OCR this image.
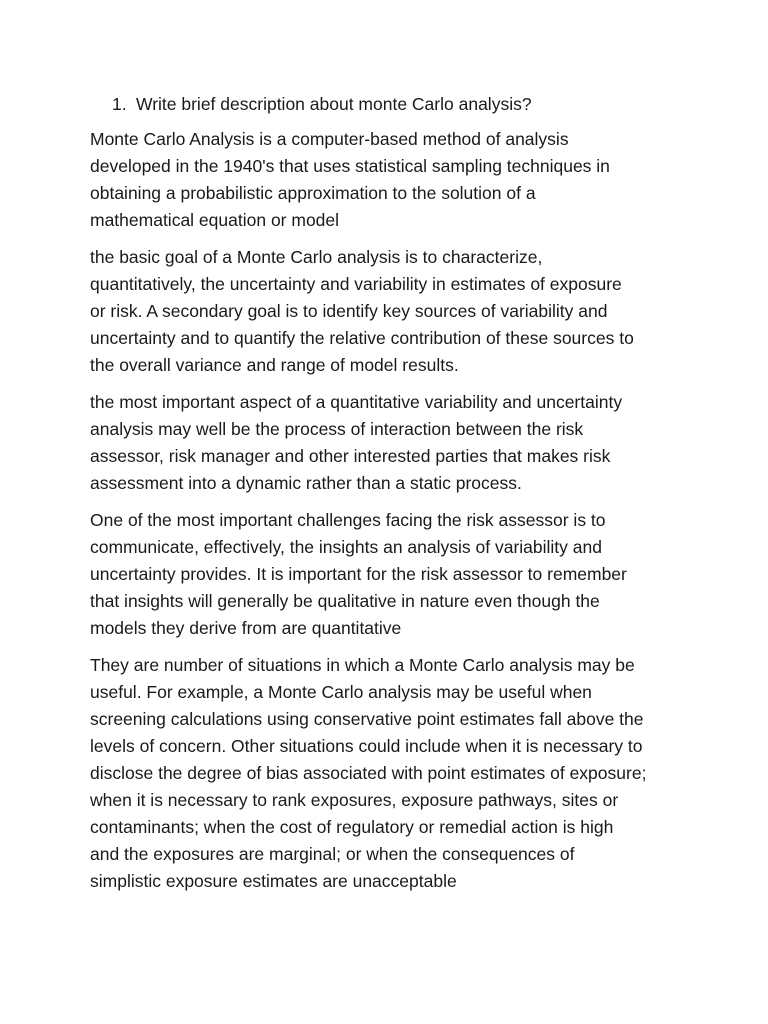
1. Write brief description about monte Carlo analysis?
Monte Carlo Analysis is a computer-based method of analysis
developed in the 1940's that uses statistical sampling techniques in
obtaining a probabilistic approximation to the solution of a
mathematical equation or model
the basic goal of a Monte Carlo analysis is to characterize,
quantitatively, the uncertainty and variability in estimates of exposure
or risk. A secondary goal is to identify key sources of variability and
uncertainty and to quantify the relative contribution of these sources to
the overall variance and range of model results.
the most important aspect of a quantitative variability and uncertainty
analysis may well be the process of interaction between the risk
assessor, risk manager and other interested parties that makes risk
assessment into a dynamic rather than a static process.
One of the most important challenges facing the risk assessor is to
communicate, effectively, the insights an analysis of variability and
uncertainty provides. It is important for the risk assessor to remember
that insights will generally be qualitative in nature even though the
models they derive from are quantitative
They are number of situations in which a Monte Carlo analysis may be
useful. For example, a Monte Carlo analysis may be useful when
screening calculations using conservative point estimates fall above the
levels of concern. Other situations could include when it is necessary to
disclose the degree of bias associated with point estimates of exposure;
when it is necessary to rank exposures, exposure pathways, sites or
contaminants; when the cost of regulatory or remedial action is high
and the exposures are marginal; or when the consequences of
simplistic exposure estimates are unacceptable
